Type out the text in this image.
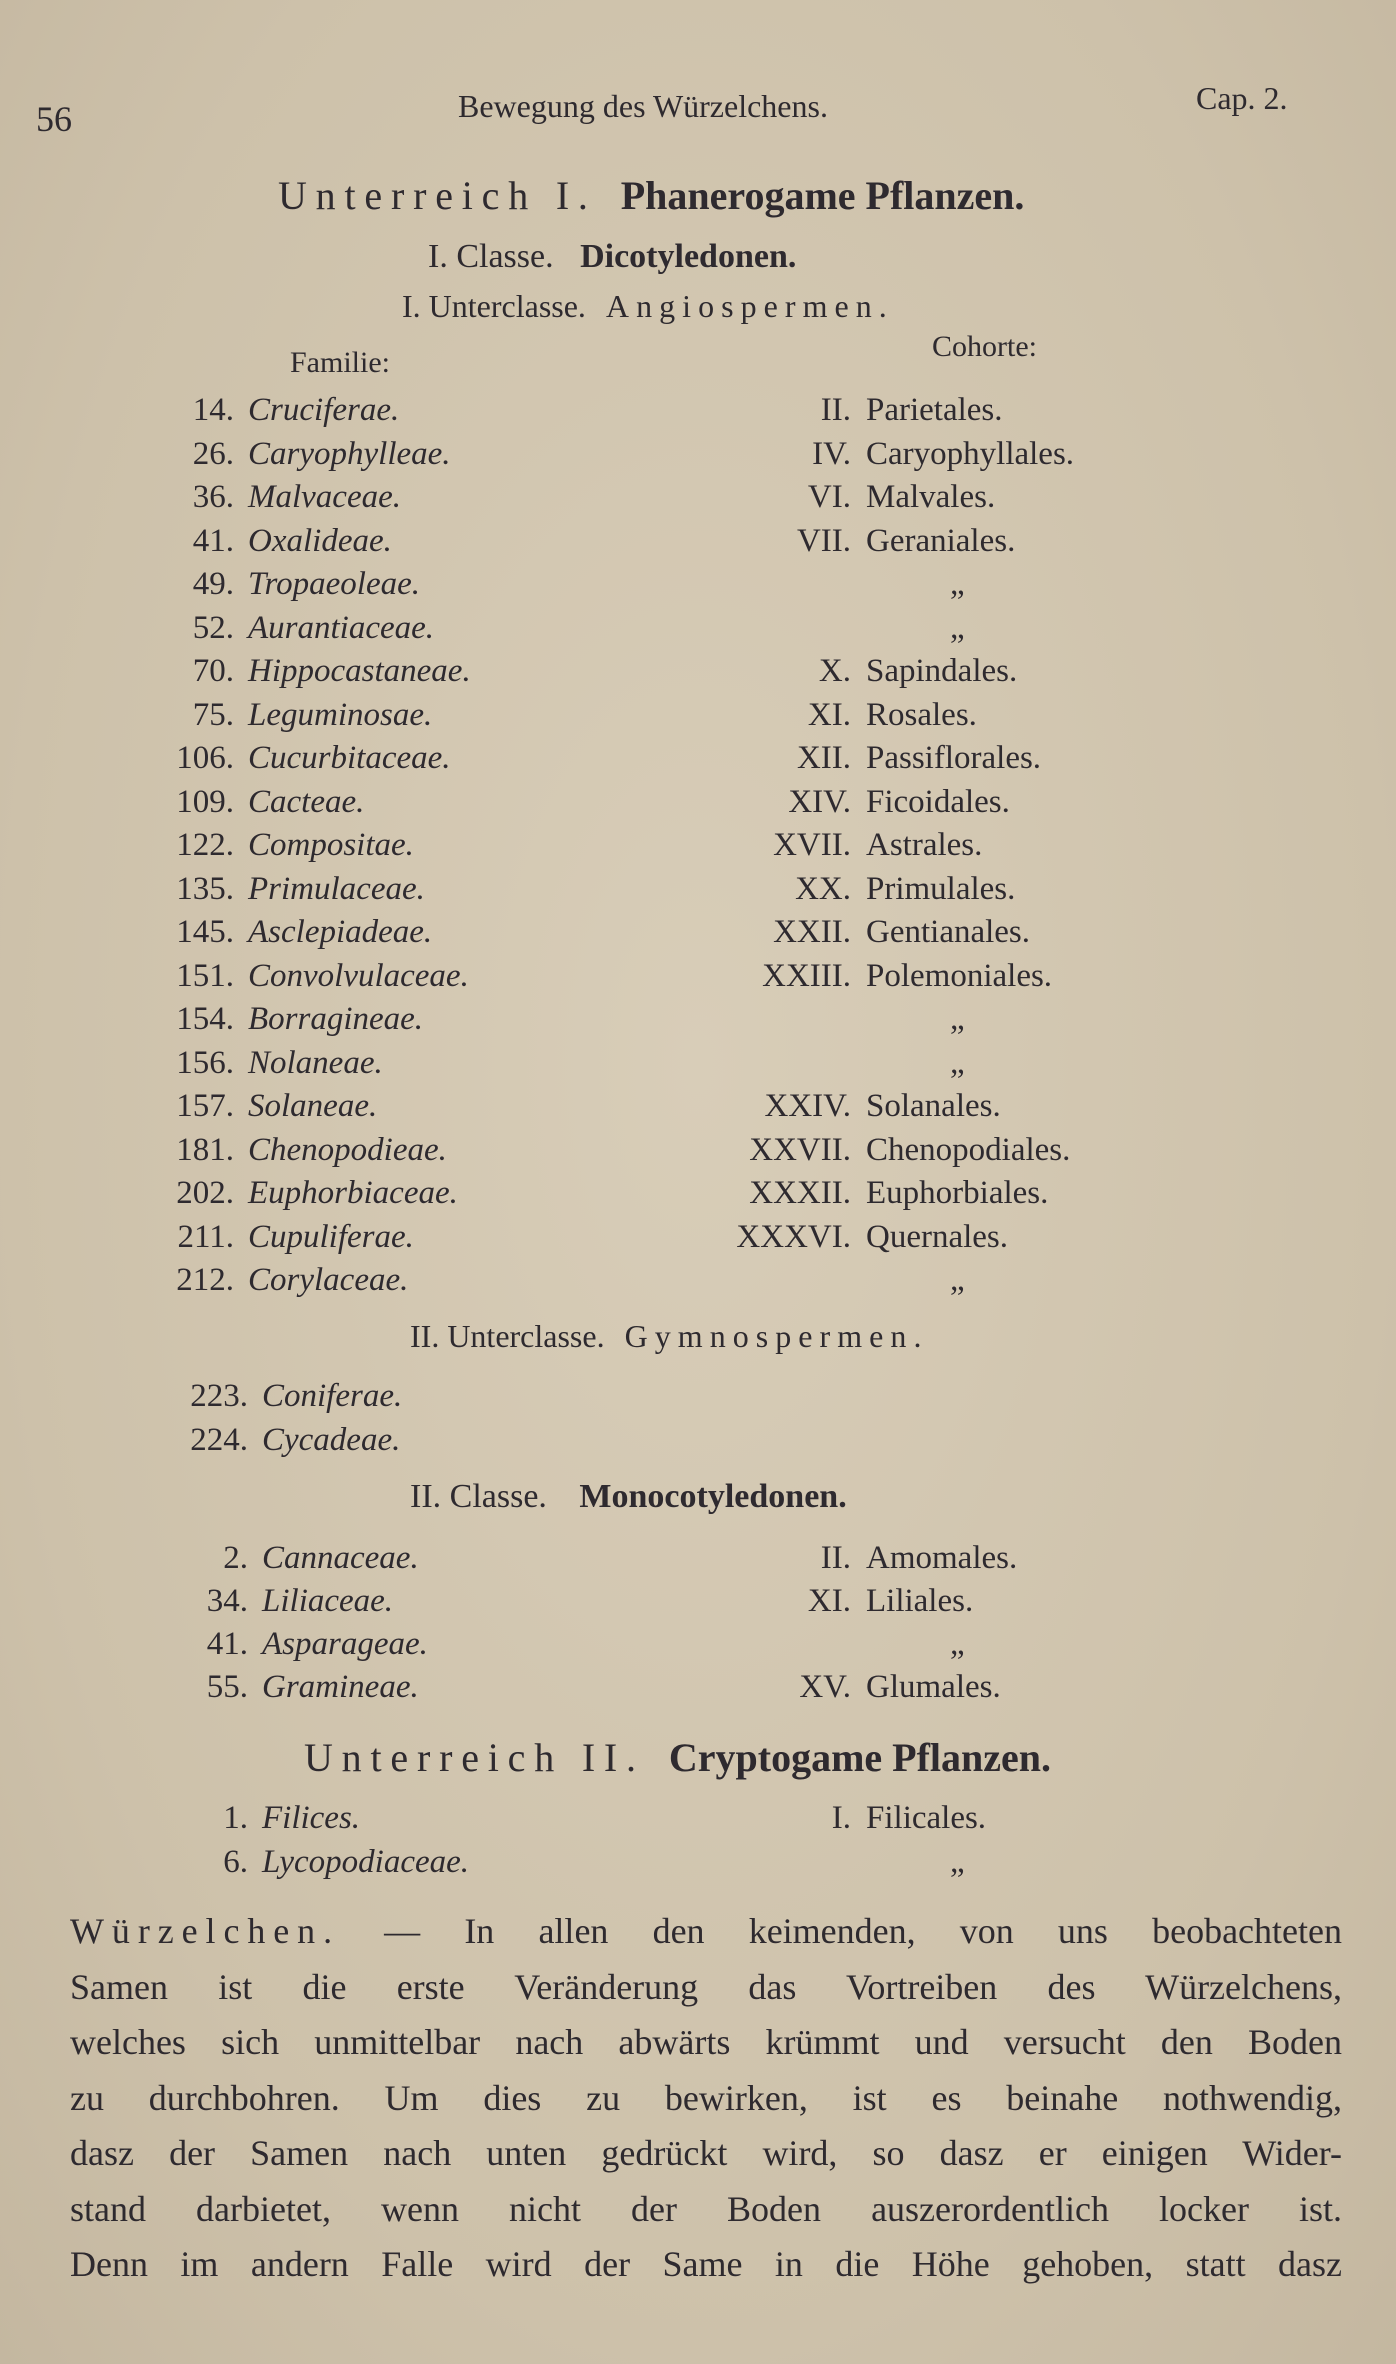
56	Bewegung des Würzelchens.	Cap. 2.
Unterreich I. Phanerogame Pflanzen.
I. Classe. Dicotyledonen.
I. Unterclasse. Angiospermen.
Familie:	Cohorte:
14. Cruciferae.	II. Parietales.
26. Caryophylleae.	IV. Caryophyllales.
36. Malvaceae.	VI. Malvales.
41. Oxalideae.	VII. Geraniales.
49. Tropaeoleae.	„
52. Aurantiaceae.	„
70. Hippocastaneae.	X. Sapindales.
75. Leguminosae.	XI. Rosales.
106. Cucurbitaceae.	XII. Passiflorales.
109. Cacteae.	XIV. Ficoidales.
122. Compositae.	XVII. Astrales.
135. Primulaceae.	XX. Primulales.
145. Asclepiadeae.	XXII. Gentianales.
151. Convolvulaceae.	XXIII. Polemoniales.
154. Borragineae.	„
156. Nolaneae.	„
157. Solaneae.	XXIV. Solanales.
181. Chenopodieae.	XXVII. Chenopodiales.
202. Euphorbiaceae.	XXXII. Euphorbiales.
211. Cupuliferae.	XXXVI. Quernales.
212. Corylaceae.	„
II. Unterclasse. Gymnospermen.
223. Coniferae.
224. Cycadeae.
II. Classe. Monocotyledonen.
2. Cannaceae.	II. Amomales.
34. Liliaceae.	XI. Liliales.
41. Asparageae.	„
55. Gramineae.	XV. Glumales.
Unterreich II. Cryptogame Pflanzen.
1. Filices.	I. Filicales.
6. Lycopodiaceae.	„
Würzelchen. — In allen den keimenden, von uns beobachteten
Samen ist die erste Veränderung das Vortreiben des Würzelchens,
welches sich unmittelbar nach abwärts krümmt und versucht den Boden
zu durchbohren. Um dies zu bewirken, ist es beinahe nothwendig,
dasz der Samen nach unten gedrückt wird, so dasz er einigen Wider-
stand darbietet, wenn nicht der Boden auszerordentlich locker ist.
Denn im andern Falle wird der Same in die Höhe gehoben, statt dasz
